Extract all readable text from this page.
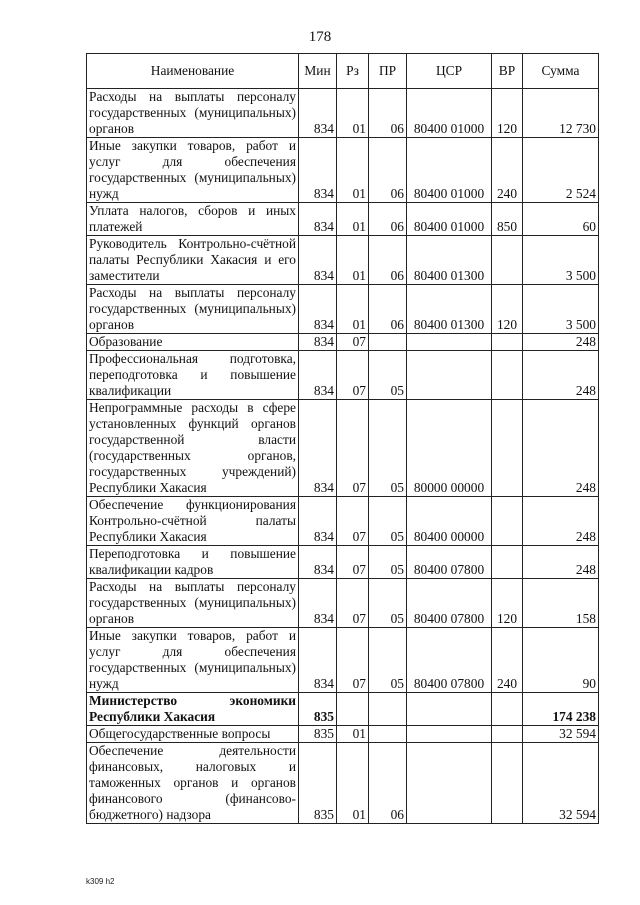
178
Наименование	Мин	Рз	ПР	ЦСР	ВР	Сумма
Расходы на выплаты персоналу государственных (муниципальных) органов	834	01	06	80400 01000	120	12 730
Иные закупки товаров, работ и услуг для обеспечения государственных (муниципальных) нужд	834	01	06	80400 01000	240	2 524
Уплата налогов, сборов и иных платежей	834	01	06	80400 01000	850	60
Руководитель Контрольно-счётной палаты Республики Хакасия и его заместители	834	01	06	80400 01300		3 500
Расходы на выплаты персоналу государственных (муниципальных) органов	834	01	06	80400 01300	120	3 500
Образование	834	07				248
Профессиональная подготовка, переподготовка и повышение квалификации	834	07	05			248
Непрограммные расходы в сфере установленных функций органов государственной власти (государственных органов, государственных учреждений) Республики Хакасия	834	07	05	80000 00000		248
Обеспечение функционирования Контрольно-счётной палаты Республики Хакасия	834	07	05	80400 00000		248
Переподготовка и повышение квалификации кадров	834	07	05	80400 07800		248
Расходы на выплаты персоналу государственных (муниципальных) органов	834	07	05	80400 07800	120	158
Иные закупки товаров, работ и услуг для обеспечения государственных (муниципальных) нужд	834	07	05	80400 07800	240	90
Министерство экономики Республики Хакасия	835					174 238
Общегосударственные вопросы	835	01				32 594
Обеспечение деятельности финансовых, налоговых и таможенных органов и органов финансового (финансово-бюджетного) надзора	835	01	06			32 594
k309 h2
